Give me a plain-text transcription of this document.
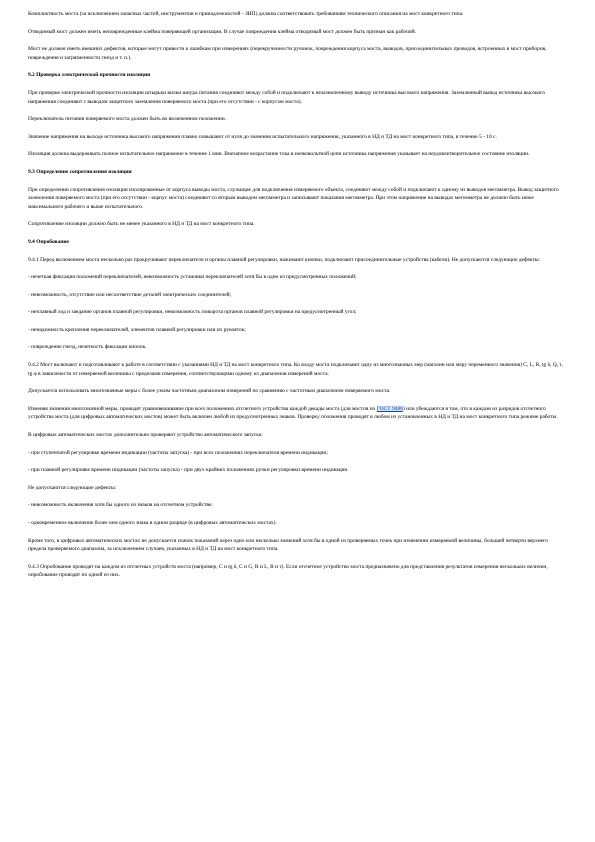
Комплектность моста (за исключением запасных частей, инструментов и принадлежностей - ЗИП) должна соответствовать требованиям технического описания на мост конкретного типа.

Отводимый мост должен иметь неповрежденные клейма поверяющей организации. В случае повреждения клейма отводимый мост должен быть признан как рабочий.

Мост не должен иметь внешних дефектов, которые могут привести к ошибкам при измерениях (перекрученности ручонок, повреждения корпуса моста, выводов, присоединительных проводов, встроенных в мост приборов, повреждения и загрязненности гнезд и т. п.).

9.2 Проверка электрической прочности изоляции

При проверке электрической прочности изоляции штырьки вилки шнура питания соединяют между собой и подключают к незаземленному выводу источника высокого напряжения. Заземленный вывод источника высокого напряжения соединяют с выводом защитного заземления поверяемого моста (при его отсутствии - с корпусом моста).

Переключатель питания поверяемого моста должен быть во включенном положении.

Значение напряжения на выходе источника высокого напряжения плавно повышают от нуля до значения испытательного напряжения, указанного в НД и ТД на мост конкретного типа, в течение 5 - 10 с.

Изоляция должна выдерживать полное испытательное напряжение в течение 1 мин. Внезапное возрастание тока в низковольтной цепи источника напряжения указывает на неудовлетворительное состояние изоляции.

9.3 Определение сопротивления изоляции

При определении сопротивления изоляции изолированные от корпуса выводы моста, служащие для подключения измеряемого объекта, соединяют между собой и подключают к одному из выводов мегомметра. Вывод защитного заземления поверяемого моста (при его отсутствии - корпус моста) соединяют со вторым выводом мегомметра и записывают показания мегомметра. При этом напряжение на выводах мегомметра не должно быть ниже максимального рабочего и выше испытательного.

Сопротивление изоляции должно быть не менее указанного в НД и ТД на мост конкретного типа.

9.4 Опробование

9.4.1 Перед включением моста несколько раз прокручивают переключатели и органы плавной регулировки, нажимают кнопки, подключают присоединительные устройства (кабели). Не допускаются следующие дефекты:

- нечеткая фиксация положений переключателей, невозможность установки переключателей хотя бы в одно из предусмотренных положений;

- невозможность, отсутствие или несоответствие деталей электрических соединителей;

- неплавный ход и заедание органов плавной регулировки, невозможность поворота органов плавной регулировки на предусмотренный угол;

- ненадежность крепления переключателей, элементов плавной регулировки или их рукояток;

- повреждение гнезд, нечеткость фиксации кнопок.

9.4.2 Мост включают и подготавливают к работе в соответствии с указаниями НД и ТД на мост конкретного типа. Ко входу моста подключают одну из многозначных мер (магазин или меру переменного значения) С, L, R, tg δ, Q, τ, tg φ в зависимости от измеряемой величины с пределами измерения, соответствующими одному из диапазонов измерений моста.

Допускается использовать многозначные меры с более узким частотным диапазоном измерений по сравнению с частотным диапазоном поверяемого моста.

Изменяя значения многозначной меры, проводят уравновешивание при всех положениях отсчетного устройства каждой декады моста (для мостов по ГОСТ 9486) или убеждаются в том, что в каждом из разрядов отсчетного устройства моста (для цифровых автоматических мостов) может быть включен любой из предусмотренных знаков. Проверку положения проводят в любом из установленных в НД и ТД на мост конкретного типа режиме работы.

В цифровых автоматических мостах дополнительно проверяют устройство автоматического запуска:

- при ступенчатой регулировке времени индикации (частоты запуска) - при всех положениях переключателя времени индикации;

- при плавной регулировке времени индикации (частоты запуска) - при двух крайних положениях ручки регулировки времени индикации.

Не допускаются следующие дефекты:

- невозможность включения хотя бы одного из знаков на отсчетном устройстве;

- одновременное включение более чем одного знака в одном разряде (в цифровых автоматических мостах).

Кроме того, в цифровых автоматических мостах не допускается скачок показаний через одно или несколько значений хотя бы в одной из проверяемых точек при изменении измеряемой величины, большей четверти верхнего предела проверяемого диапазона, за исключением случаев, указанных в НД и ТД на мост конкретного типа.

9.4.3 Опробование проводят на каждом из отсчетных устройств моста (например, C и tg δ, C и G, R и L, R и τ). Если отсчетное устройство моста предназначено для представления результатов измерения нескольких величин, опробование проводят по одной из них.
